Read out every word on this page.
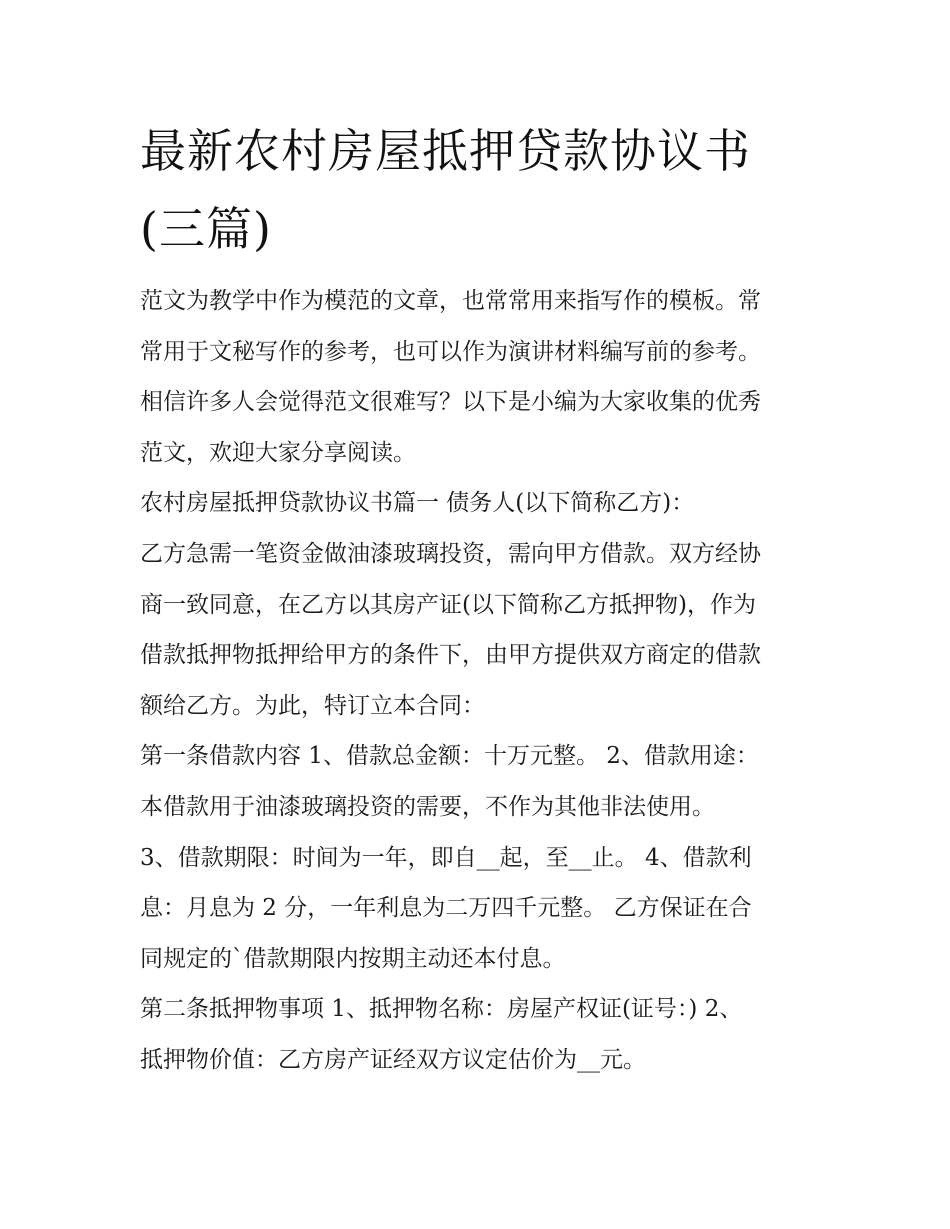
最新农村房屋抵押贷款协议书
(三篇)

范文为教学中作为模范的文章，也常常用来指写作的模板。常

常用于文秘写作的参考，也可以作为演讲材料编写前的参考。

相信许多人会觉得范文很难写？以下是小编为大家收集的优秀

范文，欢迎大家分享阅读。

农村房屋抵押贷款协议书篇一 债务人(以下简称乙方)：

乙方急需一笔资金做油漆玻璃投资，需向甲方借款。双方经协

商一致同意，在乙方以其房产证(以下简称乙方抵押物)，作为

借款抵押物抵押给甲方的条件下，由甲方提供双方商定的借款

额给乙方。为此，特订立本合同：

第一条借款内容 1、借款总金额：十万元整。 2、借款用途：

本借款用于油漆玻璃投资的需要，不作为其他非法使用。

3、借款期限：时间为一年，即自__起，至__止。 4、借款利

息：月息为 2 分，一年利息为二万四千元整。 乙方保证在合

同规定的`借款期限内按期主动还本付息。

第二条抵押物事项 1、抵押物名称：房屋产权证(证号：) 2、

抵押物价值：乙方房产证经双方议定估价为__元。
